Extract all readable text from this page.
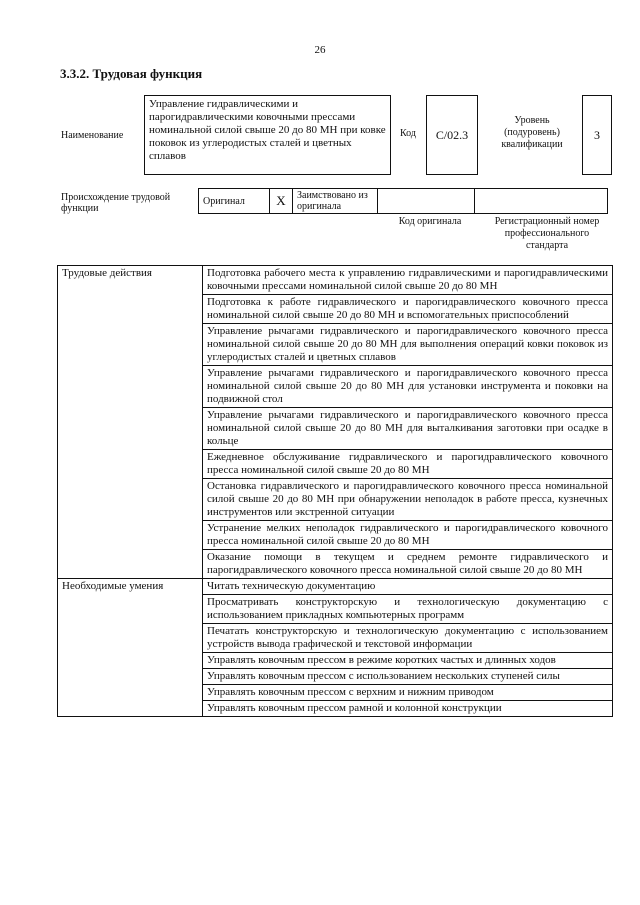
26
3.3.2. Трудовая функция
Наименование
Управление гидравлическими и парогидравлическими ковочными прессами номинальной силой свыше 20 до 80 МН при ковке поковок из углеродистых сталей и цветных сплавов
Код	С/02.3
Уровень (подуровень) квалификации
3
Происхождение трудовой функции
Оригинал	X	Заимствовано из оригинала		
Код оригинала	Регистрационный номер профессионального стандарта
Трудовые действия	Подготовка рабочего места к управлению гидравлическими и парогидравлическими ковочными прессами номинальной силой свыше 20 до 80 МН
	Подготовка к работе гидравлического и парогидравлического ковочного пресса номинальной силой свыше 20 до 80 МН и вспомогательных приспособлений
	Управление рычагами гидравлического и парогидравлического ковочного пресса номинальной силой свыше 20 до 80 МН для выполнения операций ковки поковок из углеродистых сталей и цветных сплавов
	Управление рычагами гидравлического и парогидравлического ковочного пресса номинальной силой свыше 20 до 80 МН для установки инструмента и поковки на подвижной стол
	Управление рычагами гидравлического и парогидравлического ковочного пресса номинальной силой свыше 20 до 80 МН для выталкивания заготовки при осадке в кольце
	Ежедневное обслуживание гидравлического и парогидравлического ковочного пресса номинальной силой свыше 20 до 80 МН
	Остановка гидравлического и парогидравлического ковочного пресса номинальной силой свыше 20 до 80 МН при обнаружении неполадок в работе пресса, кузнечных инструментов или экстренной ситуации
	Устранение мелких неполадок гидравлического и парогидравлического ковочного пресса номинальной силой свыше 20 до 80 МН
	Оказание помощи в текущем и среднем ремонте гидравлического и парогидравлического ковочного пресса номинальной силой свыше 20 до 80 МН
Необходимые умения	Читать техническую документацию
	Просматривать конструкторскую и технологическую документацию с использованием прикладных компьютерных программ
	Печатать конструкторскую и технологическую документацию с использованием устройств вывода графической и текстовой информации
	Управлять ковочным прессом в режиме коротких частых и длинных ходов
	Управлять ковочным прессом с использованием нескольких ступеней силы
	Управлять ковочным прессом с верхним и нижним приводом
	Управлять ковочным прессом рамной и колонной конструкции
